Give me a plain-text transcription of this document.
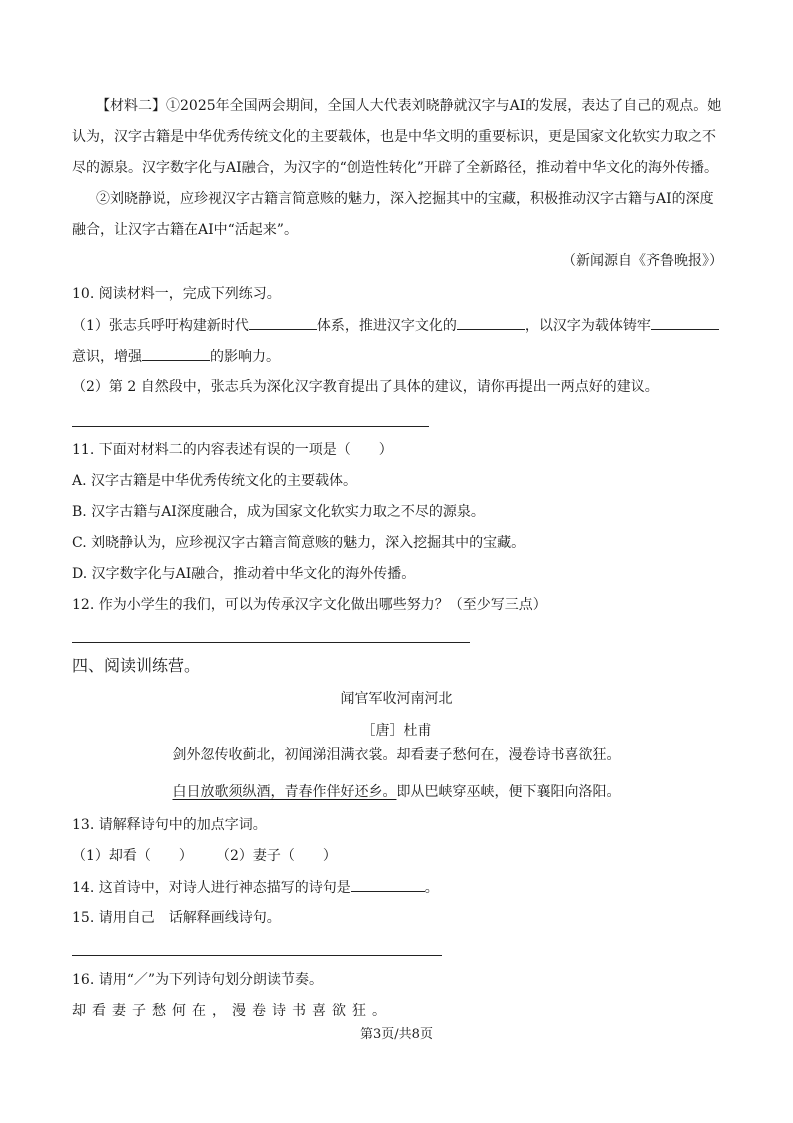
【材料二】①2025年全国两会期间，全国人大代表刘晓静就汉字与AI的发展，表达了自己的观点。她
认为，汉字古籍是中华优秀传统文化的主要载体，也是中华文明的重要标识，更是国家文化软实力取之不
尽的源泉。汉字数字化与AI融合，为汉字的“创造性转化”开辟了全新路径，推动着中华文化的海外传播。
②刘晓静说，应珍视汉字古籍言简意赅的魅力，深入挖掘其中的宝藏，积极推动汉字古籍与AI的深度
融合，让汉字古籍在AI中“活起来”。
（新闻源自《齐鲁晚报》）
10. 阅读材料一，完成下列练习。
（1）张志兵呼吁构建新时代	体系，推进汉字文化的	，以汉字为载体铸牢
意识，增强	的影响力。
（2）第 2 自然段中，张志兵为深化汉字教育提出了具体的建议，请你再提出一两点好的建议。
11. 下面对材料二的内容表述有误的一项是（　　）
A. 汉字古籍是中华优秀传统文化的主要载体。
B. 汉字古籍与AI深度融合，成为国家文化软实力取之不尽的源泉。
C. 刘晓静认为，应珍视汉字古籍言简意赅的魅力，深入挖掘其中的宝藏。
D. 汉字数字化与AI融合，推动着中华文化的海外传播。
12. 作为小学生的我们，可以为传承汉字文化做出哪些努力？（至少写三点）
四、阅读训练营。
闻官军收河南河北
［唐］杜甫
剑外忽传收蓟北，初闻涕泪满衣裳。却看妻子愁何在，漫卷诗书喜欲狂。
白日放歌须纵酒，青春作伴好还乡。即从巴峡穿巫峡，便下襄阳向洛阳。
13. 请解释诗句中的加点字词。
（1）却看（　　） （2）妻子（　　）
14. 这首诗中，对诗人进行神态描写的诗句是	。
15. 请用自己　话解释画线诗句。
16. 请用“／”为下列诗句划分朗读节奏。
却看妻子愁何在，漫卷诗书喜欲狂。
第3页/共8页
